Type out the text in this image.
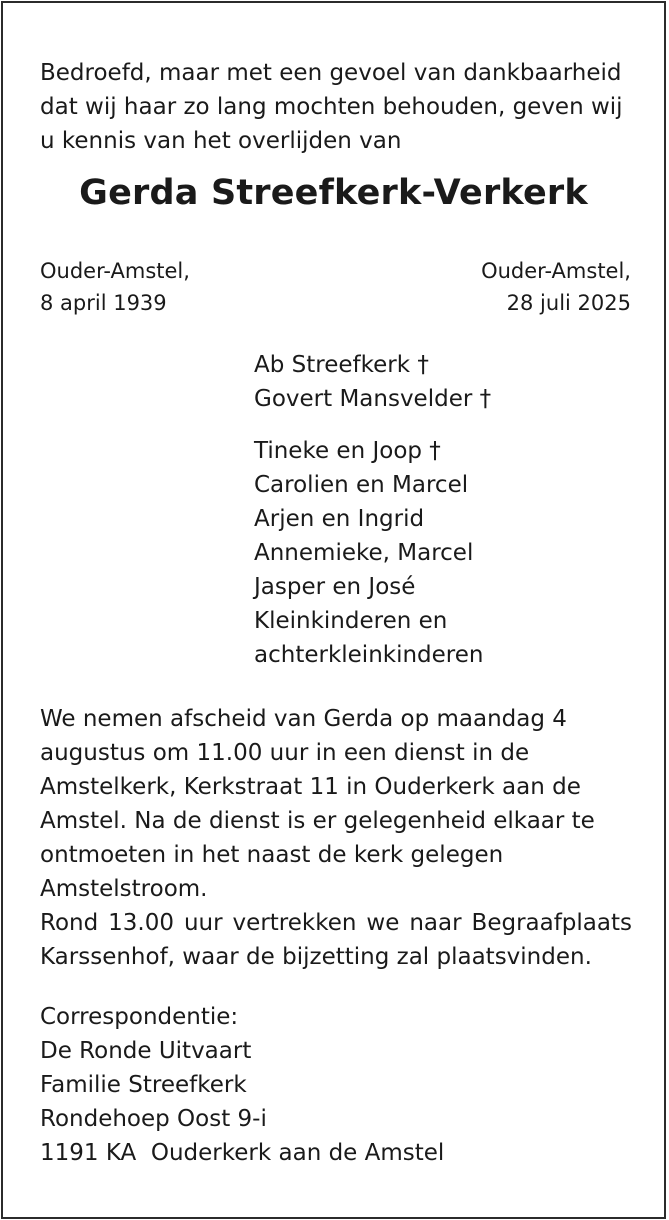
Bedroefd, maar met een gevoel van dankbaarheid
dat wij haar zo lang mochten behouden, geven wij
u kennis van het overlijden van
Gerda Streefkerk-Verkerk
Ouder-Amstel,
8 april 1939
Ouder-Amstel,
28 juli 2025
Ab Streefkerk †
Govert Mansvelder †
Tineke en Joop †
Carolien en Marcel
Arjen en Ingrid
Annemieke, Marcel
Jasper en José
Kleinkinderen en
achterkleinkinderen
We nemen afscheid van Gerda op maandag 4
augustus om 11.00 uur in een dienst in de
Amstelkerk, Kerkstraat 11 in Ouderkerk aan de
Amstel. Na de dienst is er gelegenheid elkaar te
ontmoeten in het naast de kerk gelegen
Amstelstroom.
Rond 13.00 uur vertrekken we naar Begraafplaats
Karssenhof, waar de bijzetting zal plaatsvinden.
Correspondentie:
De Ronde Uitvaart
Familie Streefkerk
Rondehoep Oost 9-i
1191 KA  Ouderkerk aan de Amstel
